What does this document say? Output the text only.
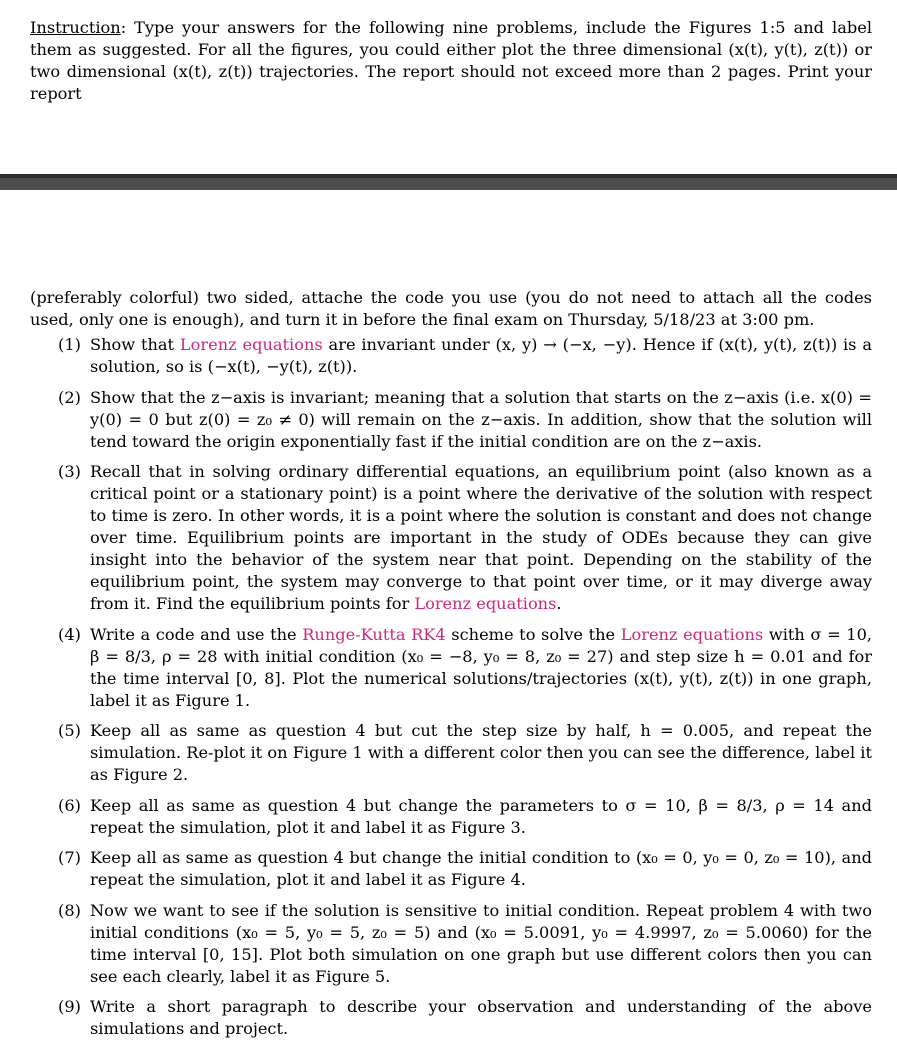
Instruction: Type your answers for the following nine problems, include the Figures 1:5 and label them as suggested. For all the figures, you could either plot the three dimensional (x(t), y(t), z(t)) or two dimensional (x(t), z(t)) trajectories. The report should not exceed more than 2 pages. Print your report

(preferably colorful) two sided, attache the code you use (you do not need to attach all the codes used, only one is enough), and turn it in before the final exam on Thursday, 5/18/23 at 3:00 pm.

(1) Show that Lorenz equations are invariant under (x, y) → (−x, −y). Hence if (x(t), y(t), z(t)) is a solution, so is (−x(t), −y(t), z(t)).
(2) Show that the z−axis is invariant; meaning that a solution that starts on the z−axis (i.e. x(0) = y(0) = 0 but z(0) = z₀ ≠ 0) will remain on the z−axis. In addition, show that the solution will tend toward the origin exponentially fast if the initial condition are on the z−axis.
(3) Recall that in solving ordinary differential equations, an equilibrium point (also known as a critical point or a stationary point) is a point where the derivative of the solution with respect to time is zero. In other words, it is a point where the solution is constant and does not change over time. Equilibrium points are important in the study of ODEs because they can give insight into the behavior of the system near that point. Depending on the stability of the equilibrium point, the system may converge to that point over time, or it may diverge away from it. Find the equilibrium points for Lorenz equations.
(4) Write a code and use the Runge-Kutta RK4 scheme to solve the Lorenz equations with σ = 10, β = 8/3, ρ = 28 with initial condition (x₀ = −8, y₀ = 8, z₀ = 27) and step size h = 0.01 and for the time interval [0, 8]. Plot the numerical solutions/trajectories (x(t), y(t), z(t)) in one graph, label it as Figure 1.
(5) Keep all as same as question 4 but cut the step size by half, h = 0.005, and repeat the simulation. Re-plot it on Figure 1 with a different color then you can see the difference, label it as Figure 2.
(6) Keep all as same as question 4 but change the parameters to σ = 10, β = 8/3, ρ = 14 and repeat the simulation, plot it and label it as Figure 3.
(7) Keep all as same as question 4 but change the initial condition to (x₀ = 0, y₀ = 0, z₀ = 10), and repeat the simulation, plot it and label it as Figure 4.
(8) Now we want to see if the solution is sensitive to initial condition. Repeat problem 4 with two initial conditions (x₀ = 5, y₀ = 5, z₀ = 5) and (x₀ = 5.0091, y₀ = 4.9997, z₀ = 5.0060) for the time interval [0, 15]. Plot both simulation on one graph but use different colors then you can see each clearly, label it as Figure 5.
(9) Write a short paragraph to describe your observation and understanding of the above simulations and project.
